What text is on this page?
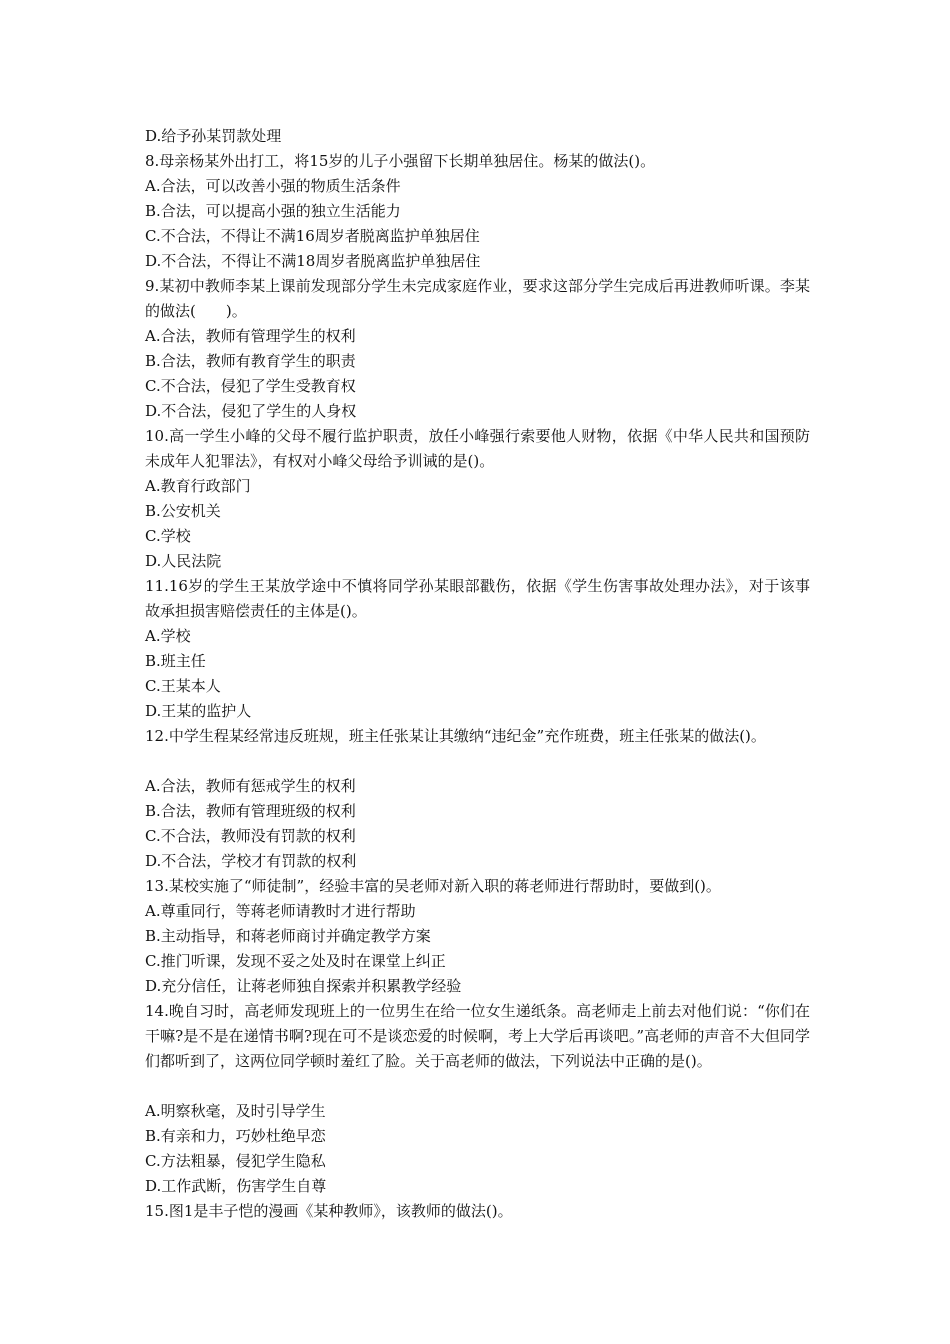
D.给予孙某罚款处理
8.母亲杨某外出打工，将15岁的儿子小强留下长期单独居住。杨某的做法()。
A.合法，可以改善小强的物质生活条件
B.合法，可以提高小强的独立生活能力
C.不合法，不得让不满16周岁者脱离监护单独居住
D.不合法，不得让不满18周岁者脱离监护单独居住
9.某初中教师李某上课前发现部分学生未完成家庭作业，要求这部分学生完成后再进教师听课。李某的做法(　　)。
A.合法，教师有管理学生的权利
B.合法，教师有教育学生的职责
C.不合法，侵犯了学生受教育权
D.不合法，侵犯了学生的人身权
10.高一学生小峰的父母不履行监护职责，放任小峰强行索要他人财物，依据《中华人民共和国预防未成年人犯罪法》，有权对小峰父母给予训诫的是()。
A.教育行政部门
B.公安机关
C.学校
D.人民法院
11.16岁的学生王某放学途中不慎将同学孙某眼部戳伤，依据《学生伤害事故处理办法》，对于该事故承担损害赔偿责任的主体是()。
A.学校
B.班主任
C.王某本人
D.王某的监护人
12.中学生程某经常违反班规，班主任张某让其缴纳“违纪金”充作班费，班主任张某的做法()。
A.合法，教师有惩戒学生的权利
B.合法，教师有管理班级的权利
C.不合法，教师没有罚款的权利
D.不合法，学校才有罚款的权利
13.某校实施了“师徒制”，经验丰富的吴老师对新入职的蒋老师进行帮助时，要做到()。
A.尊重同行，等蒋老师请教时才进行帮助
B.主动指导，和蒋老师商讨并确定教学方案
C.推门听课，发现不妥之处及时在课堂上纠正
D.充分信任，让蒋老师独自探索并积累教学经验
14.晚自习时，高老师发现班上的一位男生在给一位女生递纸条。高老师走上前去对他们说：“你们在干嘛?是不是在递情书啊?现在可不是谈恋爱的时候啊，考上大学后再谈吧。”高老师的声音不大但同学们都听到了，这两位同学顿时羞红了脸。关于高老师的做法，下列说法中正确的是()。
A.明察秋毫，及时引导学生
B.有亲和力，巧妙杜绝早恋
C.方法粗暴，侵犯学生隐私
D.工作武断，伤害学生自尊
15.图1是丰子恺的漫画《某种教师》，该教师的做法()。
